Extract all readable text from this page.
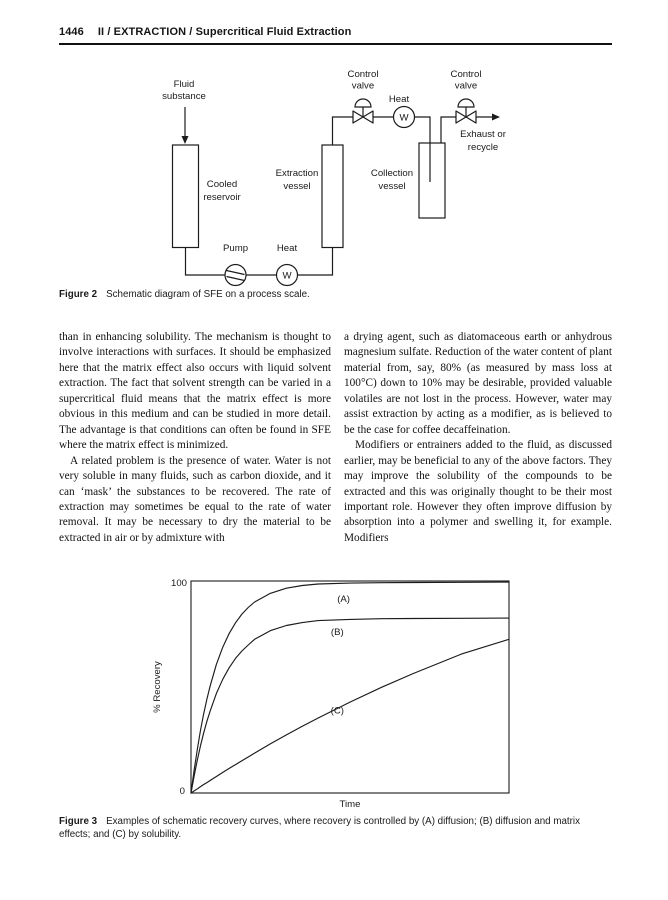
1446 II / EXTRACTION / Supercritical Fluid Extraction
W
W
Fluid
substance
Control
valve
Control
valve
Heat
Cooled
reservoir
Extraction
vessel
Collection
vessel
Pump	Heat
Exhaust or
recycle
Figure 2 Schematic diagram of SFE on a process scale.

than in enhancing solubility. The mechanism is thought to involve interactions with surfaces. It should be emphasized here that the matrix effect also occurs with liquid solvent extraction. The fact that solvent strength can be varied in a supercritical fluid means that the matrix effect is more obvious in this medium and can be studied in more detail. The advantage is that conditions can often be found in SFE where the matrix effect is minimized.

A related problem is the presence of water. Water is not very soluble in many fluids, such as carbon dioxide, and it can ‘mask’ the substances to be recovered. The rate of extraction may sometimes be equal to the rate of water removal. It may be necessary to dry the material to be extracted in air or by admixture with

a drying agent, such as diatomaceous earth or anhydrous magnesium sulfate. Reduction of the water content of plant material from, say, 80% (as measured by mass loss at 100°C) down to 10% may be desirable, provided valuable volatiles are not lost in the process. However, water may assist extraction by acting as a modifier, as is believed to be the case for coffee decaffeination.

Modifiers or entrainers added to the fluid, as discussed earlier, may be beneficial to any of the above factors. They may improve the solubility of the compounds to be extracted and this was originally thought to be their most important role. However they often improve diffusion by absorption into a polymer and swelling it, for example. Modifiers

100
0
% Recovery
Time
(A)
(B)
(C)
Figure 3 Examples of schematic recovery curves, where recovery is controlled by (A) diffusion; (B) diffusion and matrix effects; and (C) by solubility.
